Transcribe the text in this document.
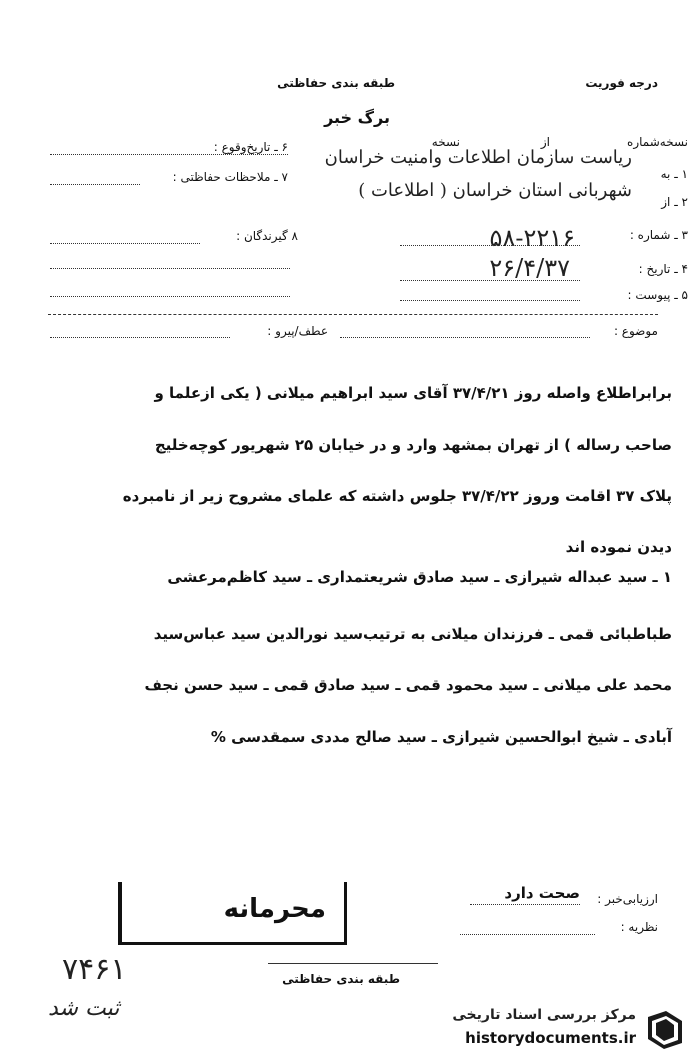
درجه فوریت
طبقه بندی حفاظتی
برگ خبر
نسخه‌شماره
از
نسخه
۱ ـ به
ریاست سازمان اطلاعات وامنیت خراسان
۲ ـ از
شهربانی استان خراسان ( اطلاعات )
۳ ـ شماره :
۵۸-۲۲۱۶
۴ ـ تاریخ :
۲۶/۴/۳۷
۵ ـ پیوست :
۶ ـ تاریخ‌وقوع :
۷ ـ ملاحظات حفاظتی :
۸ گیرندگان :
موضوع :
عطف/پیرو :
برابراطلاع واصله روز ۳۷/۴/۲۱ آقای سید ابراهیم میلانی ( یکی ازعلما و
صاحب رساله ) از تهران بمشهد وارد و در خیابان ۲۵ شهریور کوچه‌خلیج
پلاک ۳۷ اقامت وروز ۳۷/۴/۲۲ جلوس داشته که علمای مشروح زیر از نامبرده
دیدن نموده اند
۱ ـ سید عبداله شیرازی ـ سید صادق شریعتمداری ـ سید کاظم‌مرعشی
طباطبائی قمی ـ فرزندان میلانی به ترتیب‌سید نورالدین سید عباس‌سید
محمد علی میلانی ـ سید محمود قمی ـ سید صادق قمی ـ سید حسن نجف
آبادی ـ شیخ ابوالحسین شیرازی ـ سید صالح مددی سمقدسی %
ارزیابی‌خبر :
صحت دارد
نظریه :
محرمانه
طبقه بندی حفاظتی
۷۴۶۱
ثبت شد	مرکز بررسی اسناد تاریخی
historydocuments.ir
